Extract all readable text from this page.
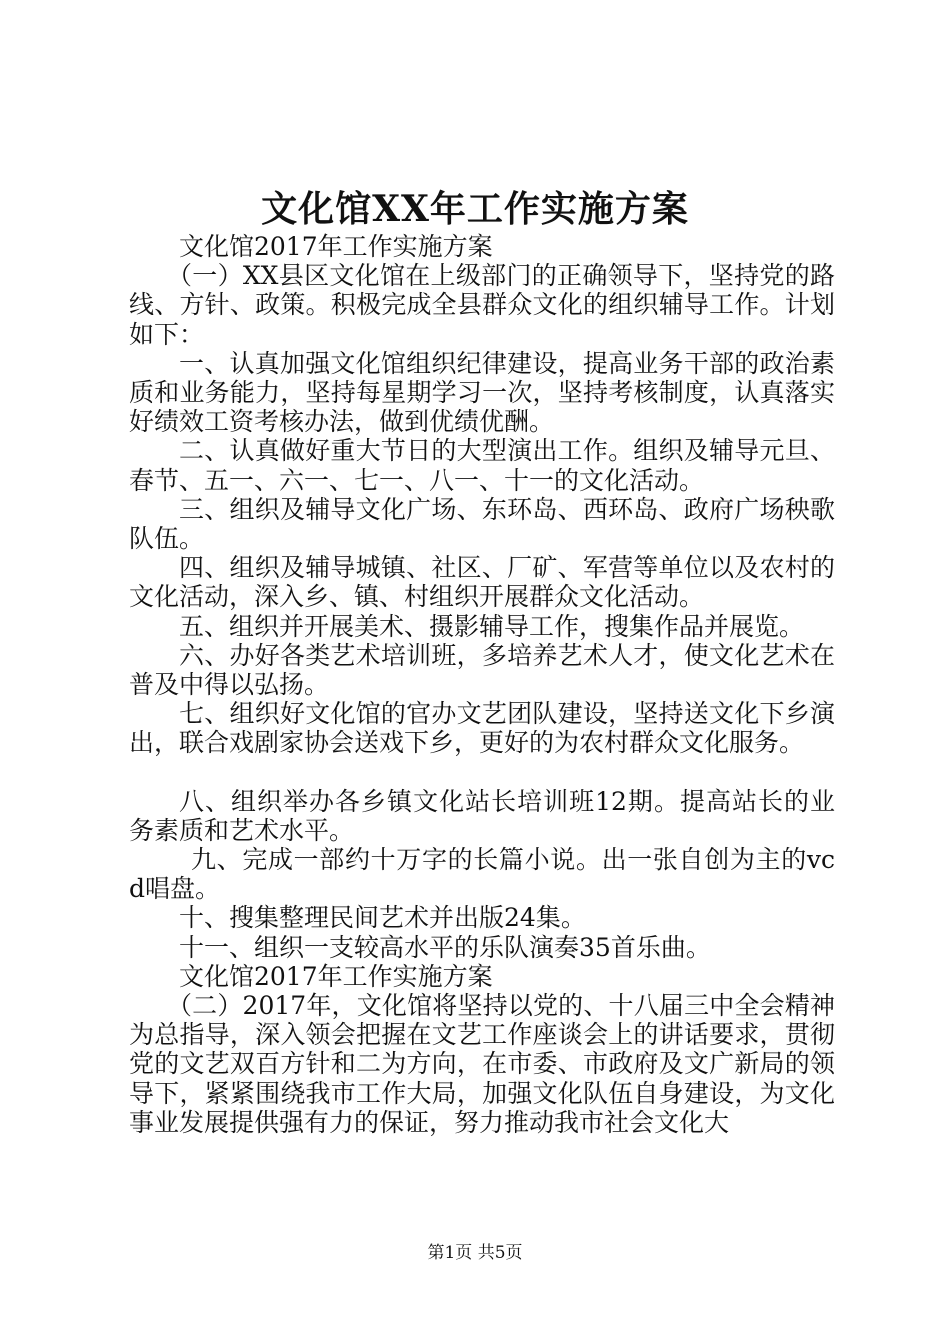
文化馆XX年工作实施方案

文化馆2017年工作实施方案

（一）XX县区文化馆在上级部门的正确领导下，坚持党的路线、方针、政策。积极完成全县群众文化的组织辅导工作。计划如下：

一、认真加强文化馆组织纪律建设，提高业务干部的政治素质和业务能力，坚持每星期学习一次，坚持考核制度，认真落实好绩效工资考核办法，做到优绩优酬。

二、认真做好重大节日的大型演出工作。组织及辅导元旦、春节、五一、六一、七一、八一、十一的文化活动。

三、组织及辅导文化广场、东环岛、西环岛、政府广场秧歌队伍。

四、组织及辅导城镇、社区、厂矿、军营等单位以及农村的文化活动，深入乡、镇、村组织开展群众文化活动。

五、组织并开展美术、摄影辅导工作，搜集作品并展览。

六、办好各类艺术培训班，多培养艺术人才，使文化艺术在普及中得以弘扬。

七、组织好文化馆的官办文艺团队建设，坚持送文化下乡演出，联合戏剧家协会送戏下乡，更好的为农村群众文化服务。

八、组织举办各乡镇文化站长培训班12期。提高站长的业务素质和艺术水平。

九、完成一部约十万字的长篇小说。出一张自创为主的vcd唱盘。

十、搜集整理民间艺术并出版24集。

十一、组织一支较高水平的乐队演奏35首乐曲。

文化馆2017年工作实施方案

（二）2017年，文化馆将坚持以党的、十八届三中全会精神为总指导，深入领会把握在文艺工作座谈会上的讲话要求，贯彻党的文艺双百方针和二为方向，在市委、市政府及文广新局的领导下，紧紧围绕我市工作大局，加强文化队伍自身建设，为文化事业发展提供强有力的保证，努力推动我市社会文化大

第1页 共5页
